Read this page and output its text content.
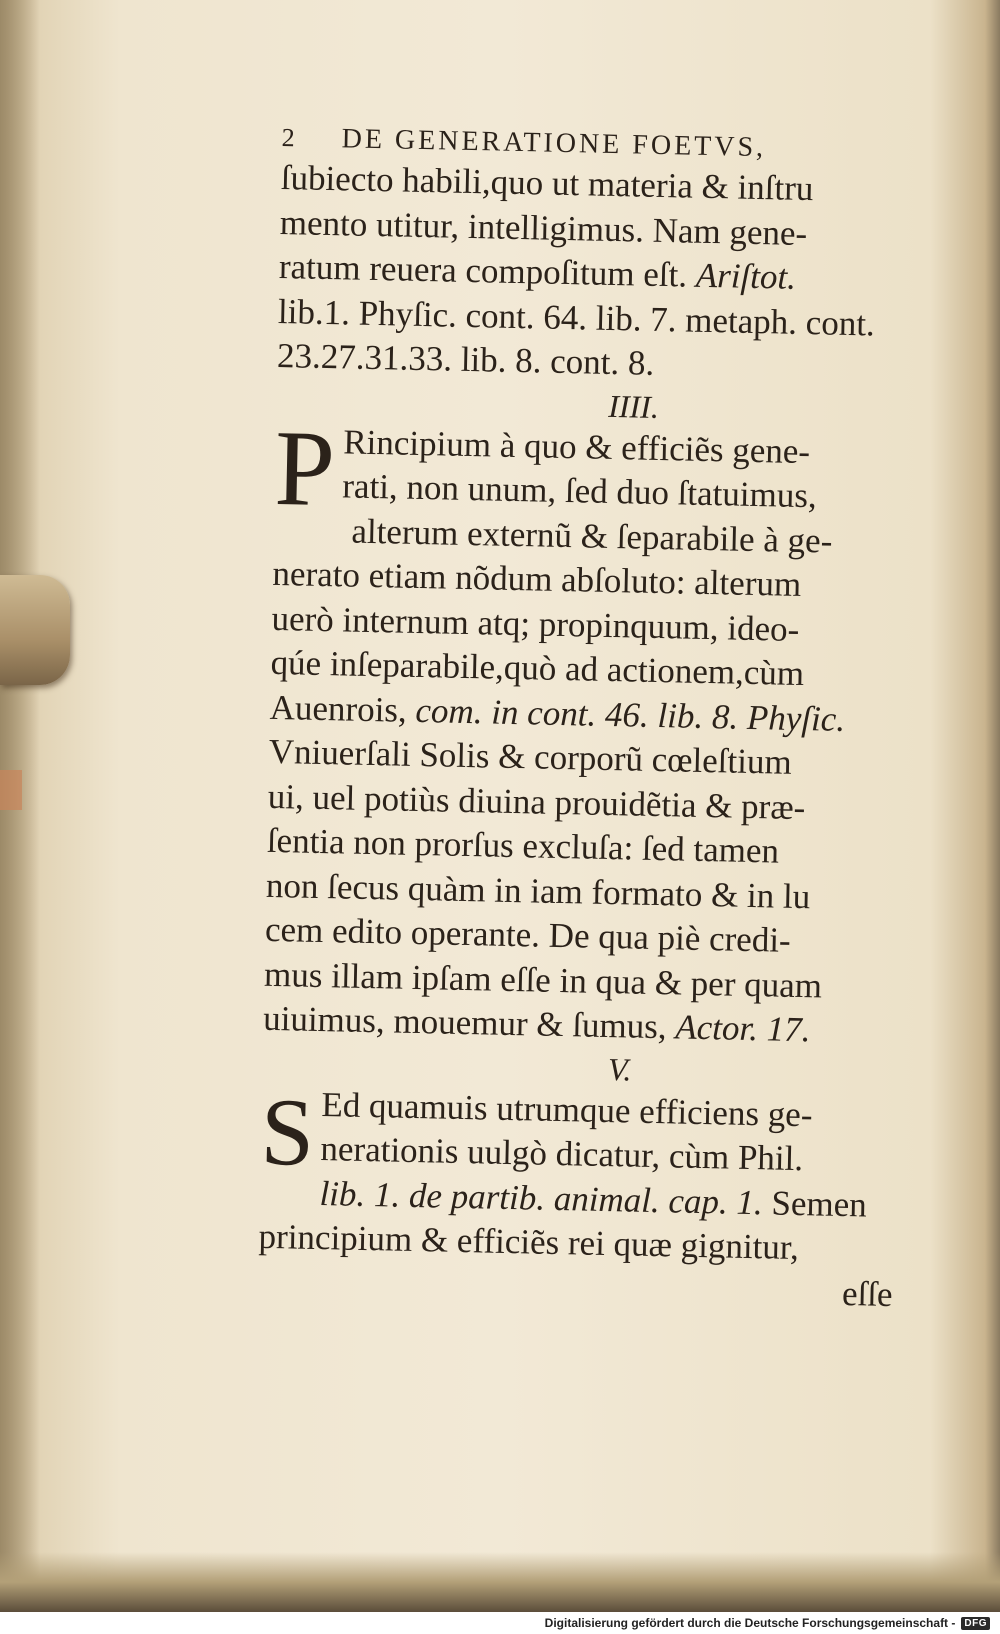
2	DE GENERATIONE FOETVS,
ſubiecto habili,quo ut materia & inſtru
mento utitur, intelligimus. Nam gene-
ratum reuera compoſitum eſt. Ariſtot.
lib.1. Phyſic. cont. 64. lib. 7. metaph. cont.
23.27.31.33. lib. 8. cont. 8.
IIII.
P Rincipium à quo & efficiẽs gene-
rati, non unum, ſed duo ſtatuimus,
alterum externũ & ſeparabile à ge-
nerato etiam nõdum abſoluto: alterum
uerò internum atq; propinquum, ideo-
qúe inſeparabile,quò ad actionem,cùm
Auenrois, com. in cont. 46. lib. 8. Phyſic.
Vniuerſali Solis & corporũ cœleſtium
ui, uel potiùs diuina prouidẽtia & præ-
ſentia non prorſus excluſa: ſed tamen
non ſecus quàm in iam formato & in lu
cem edito operante. De qua piè credi-
mus illam ipſam eſſe in qua & per quam
uiuimus, mouemur & ſumus, Actor. 17.
V.
S Ed quamuis utrumque efficiens ge-
nerationis uulgò dicatur, cùm Phil.
lib. 1. de partib. animal. cap. 1. Semen
principium & efficiẽs rei quæ gignitur,
eſſe
Digitalisierung gefördert durch die Deutsche Forschungsgemeinschaft - DFG
